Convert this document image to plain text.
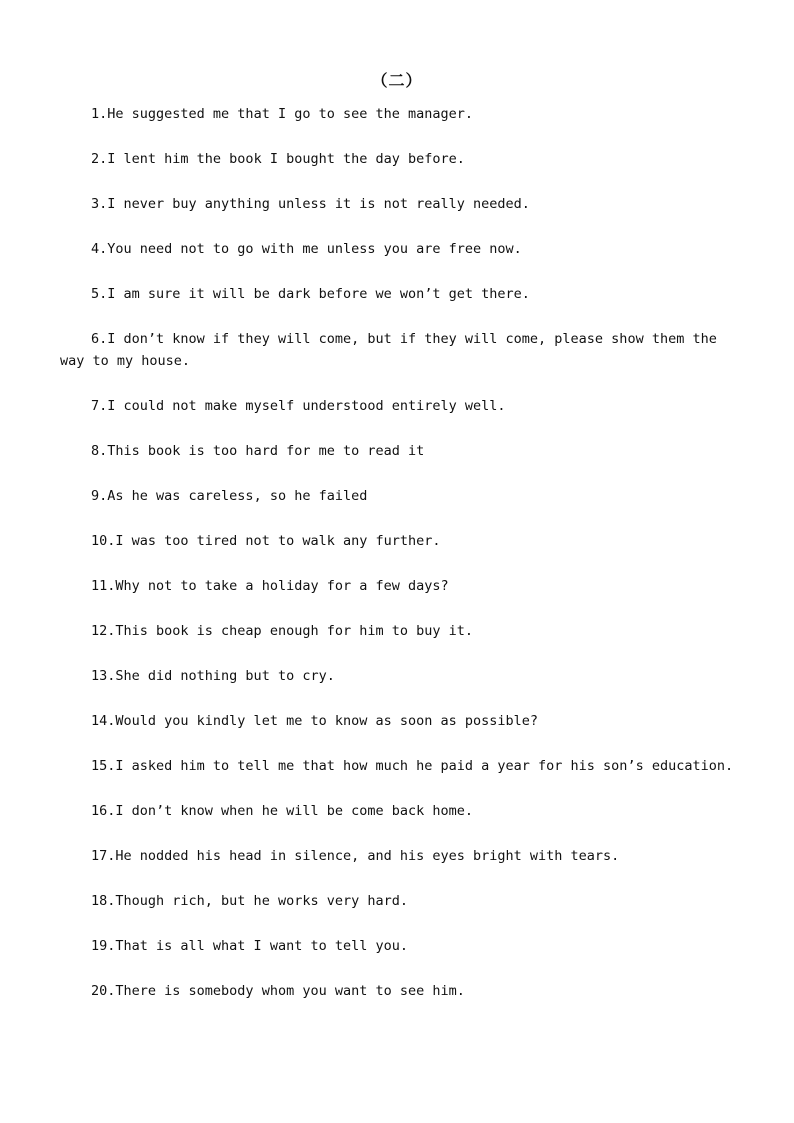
（二）

1.He suggested me that I go to see the manager.

2.I lent him the book I bought the day before.

3.I never buy anything unless it is not really needed.

4.You need not to go with me unless you are free now.

5.I am sure it will be dark before we won’t get there.

6.I don’t know if they will come, but if they will come, please show them the way to my house.

7.I could not make myself understood entirely well.

8.This book is too hard for me to read it

9.As he was careless, so he failed

10.I was too tired not to walk any further.

11.Why not to take a holiday for a few days?

12.This book is cheap enough for him to buy it.

13.She did nothing but to cry.

14.Would you kindly let me to know as soon as possible?

15.I asked him to tell me that how much he paid a year for his son’s education.

16.I don’t know when he will be come back home.

17.He nodded his head in silence, and his eyes bright with tears.

18.Though rich, but he works very hard.

19.That is all what I want to tell you.

20.There is somebody whom you want to see him.
